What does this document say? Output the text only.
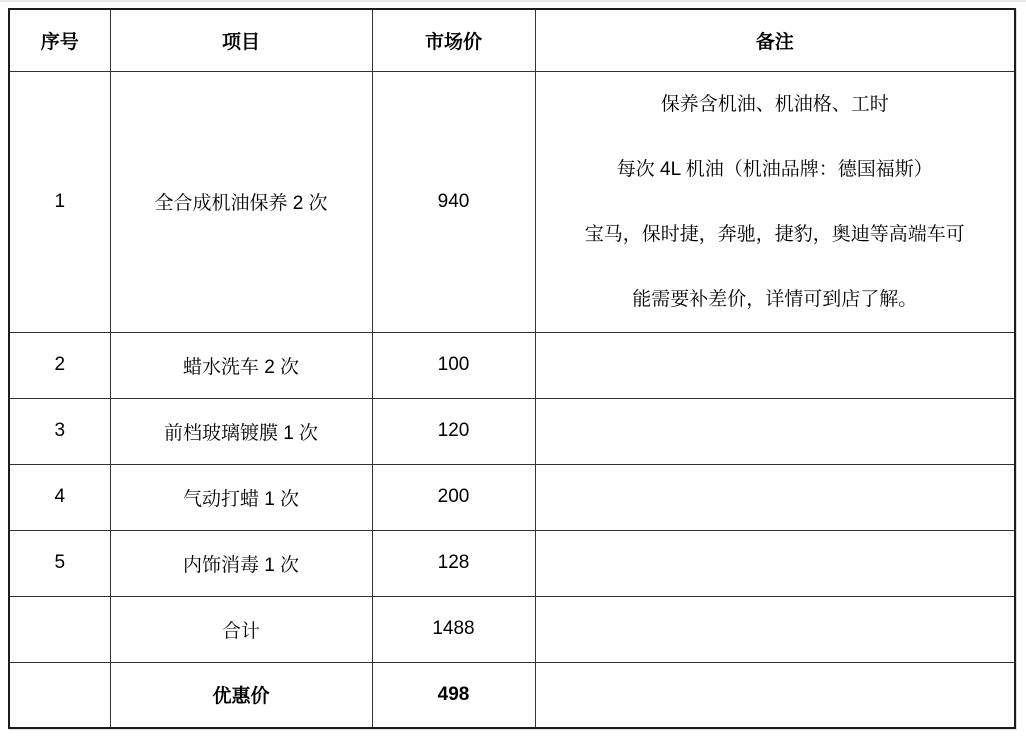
序号	项目	市场价	备注
1	全合成机油保养 2 次	940	保养含机油、机油格、工时
每次 4L 机油（机油品牌：德国福斯）
宝马，保时捷，奔驰，捷豹，奥迪等高端车可
能需要补差价，详情可到店了解。

2	蜡水洗车 2 次	100	
3	前档玻璃镀膜 1 次	120	
4	气动打蜡 1 次	200	
5	内饰消毒 1 次	128	
	合计	1488	
	优惠价	498	
